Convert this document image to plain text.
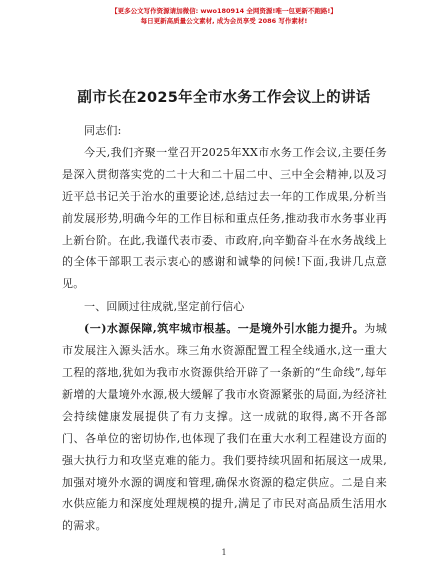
【更多公文写作资源请加微信: wwo180914 全网资源!唯一包更新不跑路!】
每日更新高质量公文素材, 成为会员享受 2086 写作素材!
副市长在2025年全市水务工作会议上的讲话

同志们:

今天,我们齐聚一堂召开2025年XX市水务工作会议,主要任务是深入贯彻落实党的二十大和二十届二中、三中全会精神,以及习近平总书记关于治水的重要论述,总结过去一年的工作成果,分析当前发展形势,明确今年的工作目标和重点任务,推动我市水务事业再上新台阶。在此,我谨代表市委、市政府,向辛勤奋斗在水务战线上的全体干部职工表示衷心的感谢和诚挚的问候!下面,我讲几点意见。

一、回顾过往成就,坚定前行信心

(一)水源保障,筑牢城市根基。一是境外引水能力提升。为城市发展注入源头活水。珠三角水资源配置工程全线通水,这一重大工程的落地,犹如为我市水资源供给开辟了一条新的“生命线”,每年新增的大量境外水源,极大缓解了我市水资源紧张的局面,为经济社会持续健康发展提供了有力支撑。这一成就的取得,离不开各部门、各单位的密切协作,也体现了我们在重大水利工程建设方面的强大执行力和攻坚克难的能力。我们要持续巩固和拓展这一成果,加强对境外水源的调度和管理,确保水资源的稳定供应。二是自来水供应能力和深度处理规模的提升,满足了市民对高品质生活用水的需求。

1
